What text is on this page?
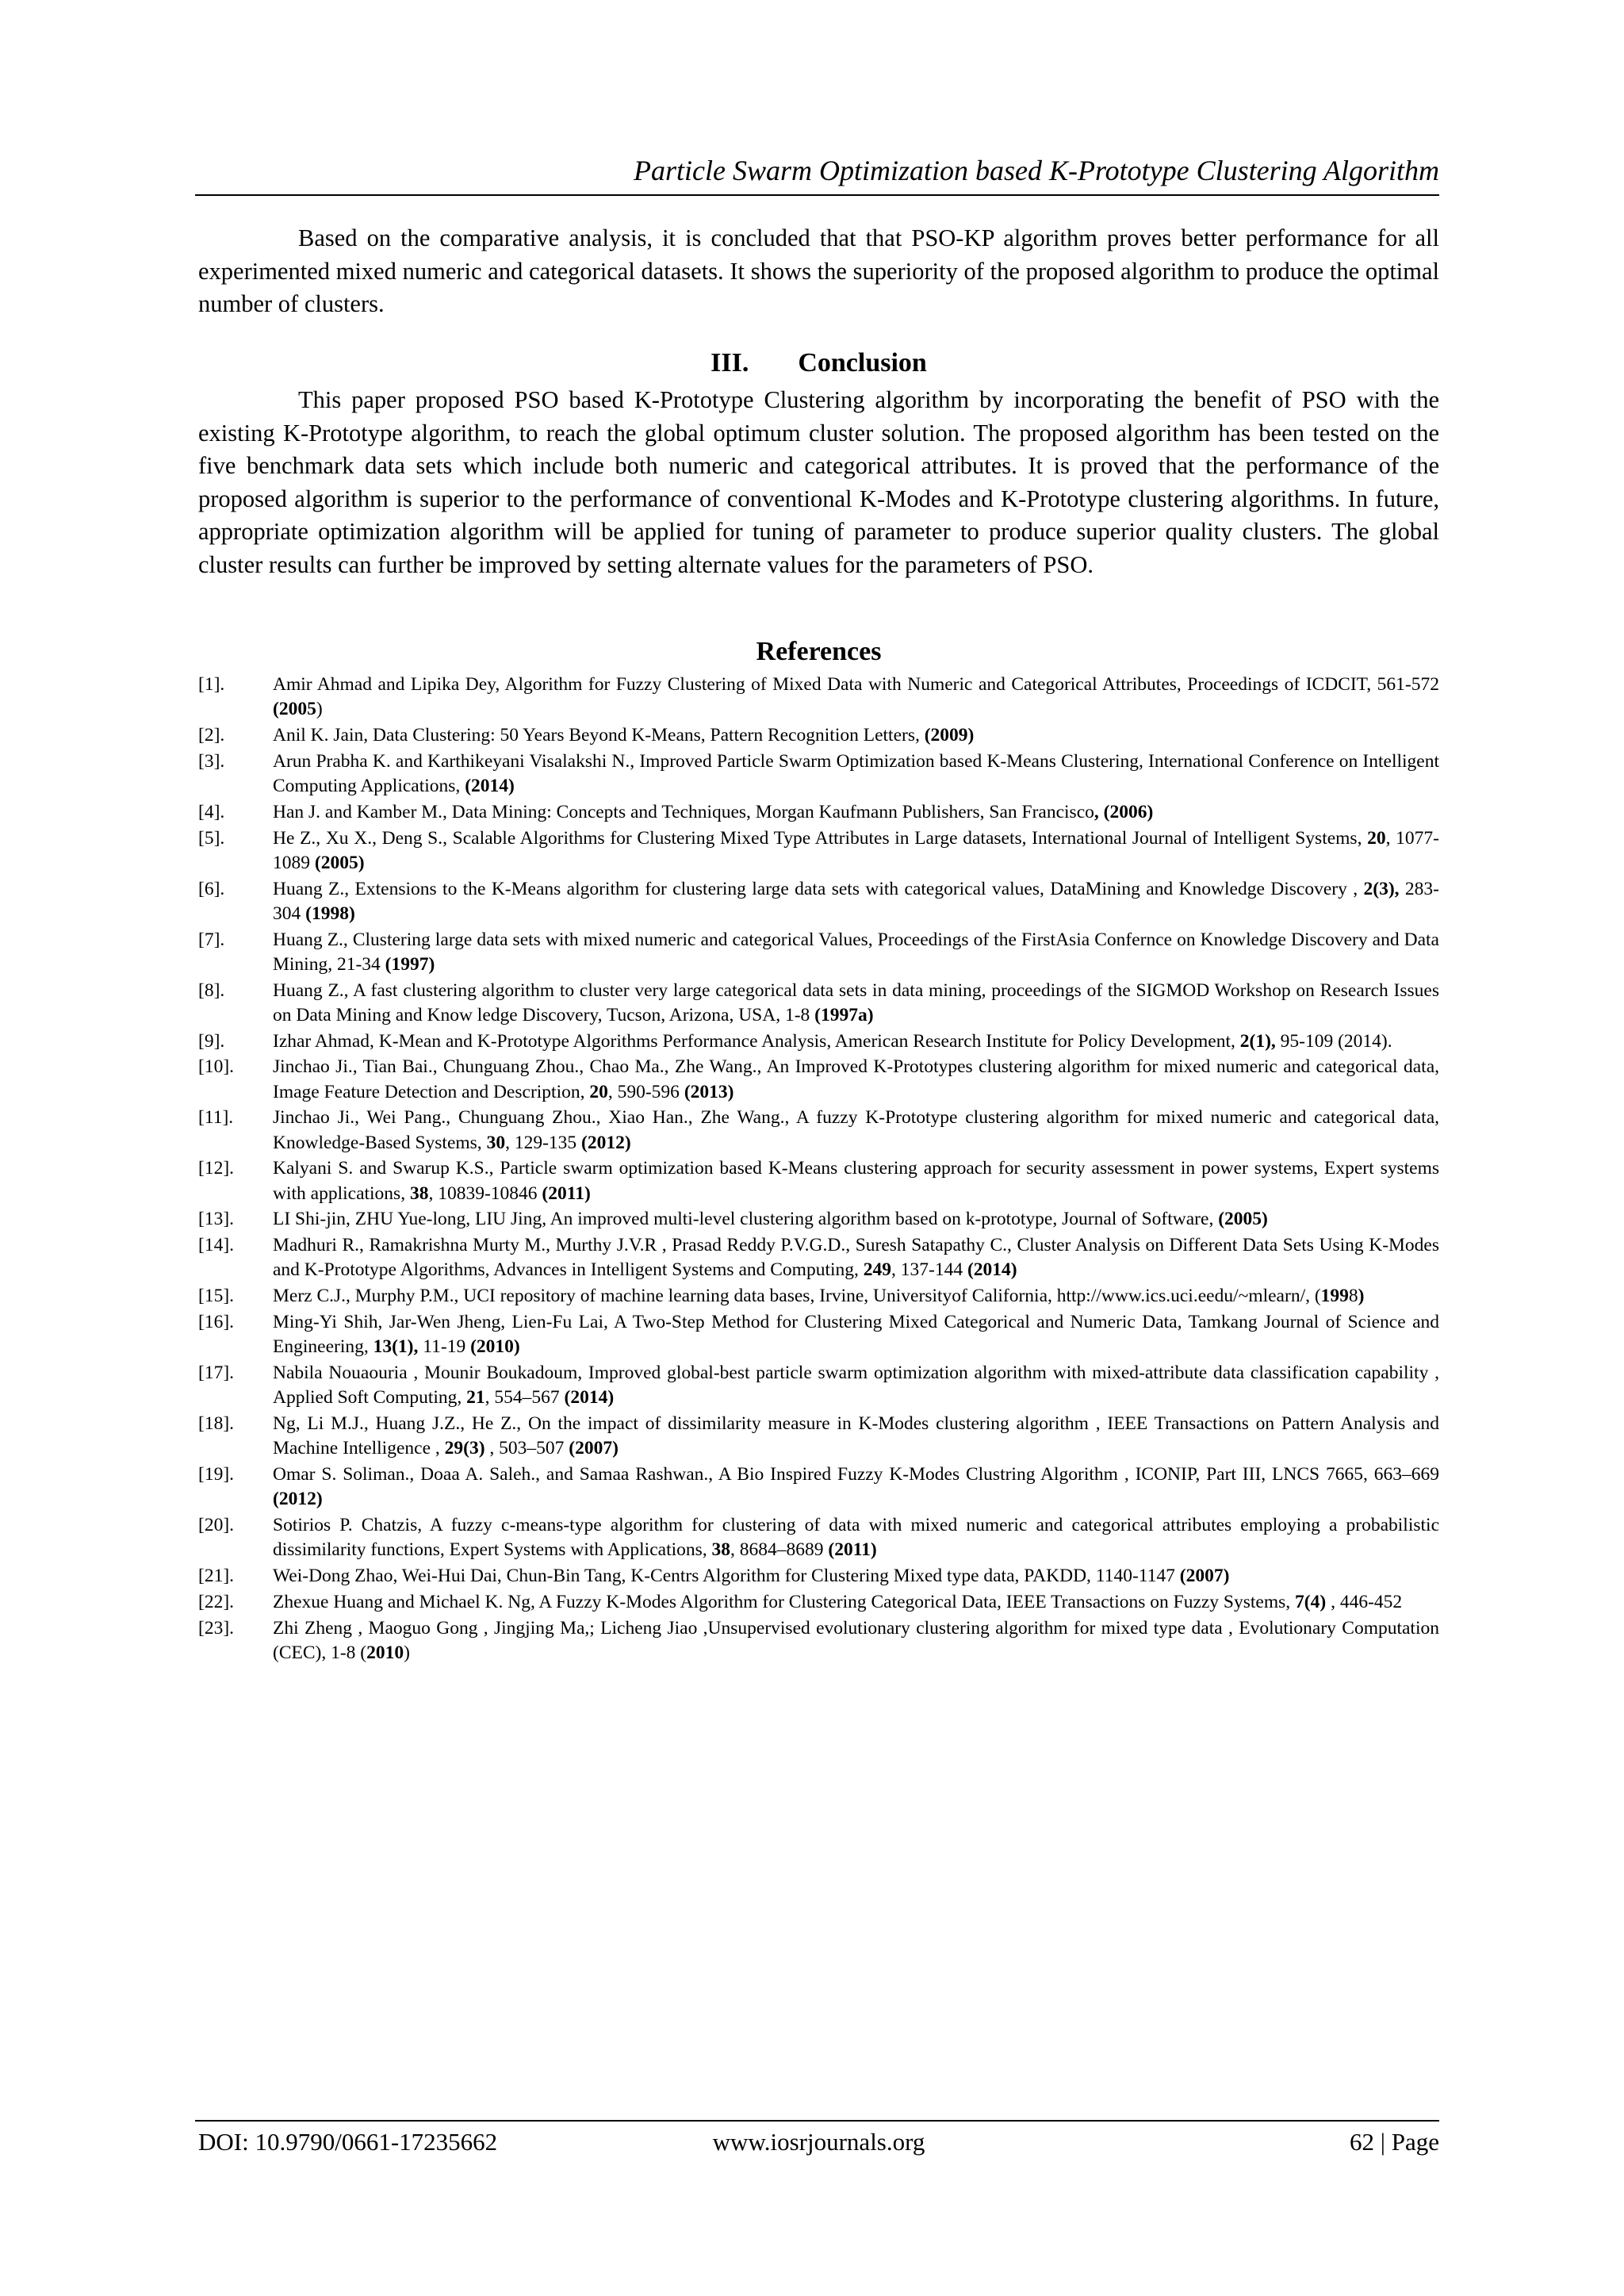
Particle Swarm Optimization based K-Prototype Clustering Algorithm

Based on the comparative analysis, it is concluded that that PSO-KP algorithm proves better performance for all experimented mixed numeric and categorical datasets. It shows the superiority of the proposed algorithm to produce the optimal number of clusters.

III. Conclusion

This paper proposed PSO based K-Prototype Clustering algorithm by incorporating the benefit of PSO with the existing K-Prototype algorithm, to reach the global optimum cluster solution. The proposed algorithm has been tested on the five benchmark data sets which include both numeric and categorical attributes. It is proved that the performance of the proposed algorithm is superior to the performance of conventional K-Modes and K-Prototype clustering algorithms. In future, appropriate optimization algorithm will be applied for tuning of parameter to produce superior quality clusters. The global cluster results can further be improved by setting alternate values for the parameters of PSO.

References
[1].	Amir Ahmad and Lipika Dey, Algorithm for Fuzzy Clustering of Mixed Data with Numeric and Categorical Attributes, Proceedings of ICDCIT, 561-572 (2005)
[2].	Anil K. Jain, Data Clustering: 50 Years Beyond K-Means, Pattern Recognition Letters, (2009)
[3].	Arun Prabha K. and Karthikeyani Visalakshi N., Improved Particle Swarm Optimization based K-Means Clustering, International Conference on Intelligent Computing Applications, (2014)
[4].	Han J. and Kamber M., Data Mining: Concepts and Techniques, Morgan Kaufmann Publishers, San Francisco, (2006)
[5].	He Z., Xu X., Deng S., Scalable Algorithms for Clustering Mixed Type Attributes in Large datasets, International Journal of Intelligent Systems, 20, 1077-1089 (2005)
[6].	Huang Z., Extensions to the K-Means algorithm for clustering large data sets with categorical values, DataMining and Knowledge Discovery , 2(3), 283-304 (1998)
[7].	Huang Z., Clustering large data sets with mixed numeric and categorical Values, Proceedings of the FirstAsia Confernce on Knowledge Discovery and Data Mining, 21-34 (1997)
[8].	Huang Z., A fast clustering algorithm to cluster very large categorical data sets in data mining, proceedings of the SIGMOD Workshop on Research Issues on Data Mining and Know ledge Discovery, Tucson, Arizona, USA, 1-8 (1997a)
[9].	Izhar Ahmad, K-Mean and K-Prototype Algorithms Performance Analysis, American Research Institute for Policy Development, 2(1), 95-109 (2014).
[10]. Jinchao Ji., Tian Bai., Chunguang Zhou., Chao Ma., Zhe Wang., An Improved K-Prototypes clustering algorithm for mixed numeric and categorical data, Image Feature Detection and Description, 20, 590-596 (2013)
[11]. Jinchao Ji., Wei Pang., Chunguang Zhou., Xiao Han., Zhe Wang., A fuzzy K-Prototype clustering algorithm for mixed numeric and categorical data, Knowledge-Based Systems, 30, 129-135 (2012)
[12]. Kalyani S. and Swarup K.S., Particle swarm optimization based K-Means clustering approach for security assessment in power systems, Expert systems with applications, 38, 10839-10846 (2011)
[13]. LI Shi-jin, ZHU Yue-long, LIU Jing, An improved multi-level clustering algorithm based on k-prototype, Journal of Software, (2005)
[14]. Madhuri R., Ramakrishna Murty M., Murthy J.V.R , Prasad Reddy P.V.G.D., Suresh Satapathy C., Cluster Analysis on Different Data Sets Using K-Modes and K-Prototype Algorithms, Advances in Intelligent Systems and Computing, 249, 137-144 (2014)
[15]. Merz C.J., Murphy P.M., UCI repository of machine learning data bases, Irvine, Universityof California, http://www.ics.uci.eedu/~mlearn/, (1998)
[16]. Ming-Yi Shih, Jar-Wen Jheng, Lien-Fu Lai, A Two-Step Method for Clustering Mixed Categorical and Numeric Data, Tamkang Journal of Science and Engineering, 13(1), 11-19 (2010)
[17]. Nabila Nouaouria , Mounir Boukadoum, Improved global-best particle swarm optimization algorithm with mixed-attribute data classification capability , Applied Soft Computing, 21, 554–567 (2014)
[18]. Ng, Li M.J., Huang J.Z., He Z., On the impact of dissimilarity measure in K-Modes clustering algorithm , IEEE Transactions on Pattern Analysis and Machine Intelligence , 29(3) , 503–507 (2007)
[19]. Omar S. Soliman., Doaa A. Saleh., and Samaa Rashwan., A Bio Inspired Fuzzy K-Modes Clustring Algorithm , ICONIP, Part III, LNCS 7665, 663–669 (2012)
[20]. Sotirios P. Chatzis, A fuzzy c-means-type algorithm for clustering of data with mixed numeric and categorical attributes employing a probabilistic dissimilarity functions, Expert Systems with Applications, 38, 8684–8689 (2011)
[21]. Wei-Dong Zhao, Wei-Hui Dai, Chun-Bin Tang, K-Centrs Algorithm for Clustering Mixed type data, PAKDD, 1140-1147 (2007)
[22]. Zhexue Huang and Michael K. Ng, A Fuzzy K-Modes Algorithm for Clustering Categorical Data, IEEE Transactions on Fuzzy Systems, 7(4) , 446-452
[23]. Zhi Zheng , Maoguo Gong , Jingjing Ma,; Licheng Jiao ,Unsupervised evolutionary clustering algorithm for mixed type data , Evolutionary Computation (CEC), 1-8 (2010)
DOI: 10.9790/0661-17235662	www.iosrjournals.org	62 | Page
